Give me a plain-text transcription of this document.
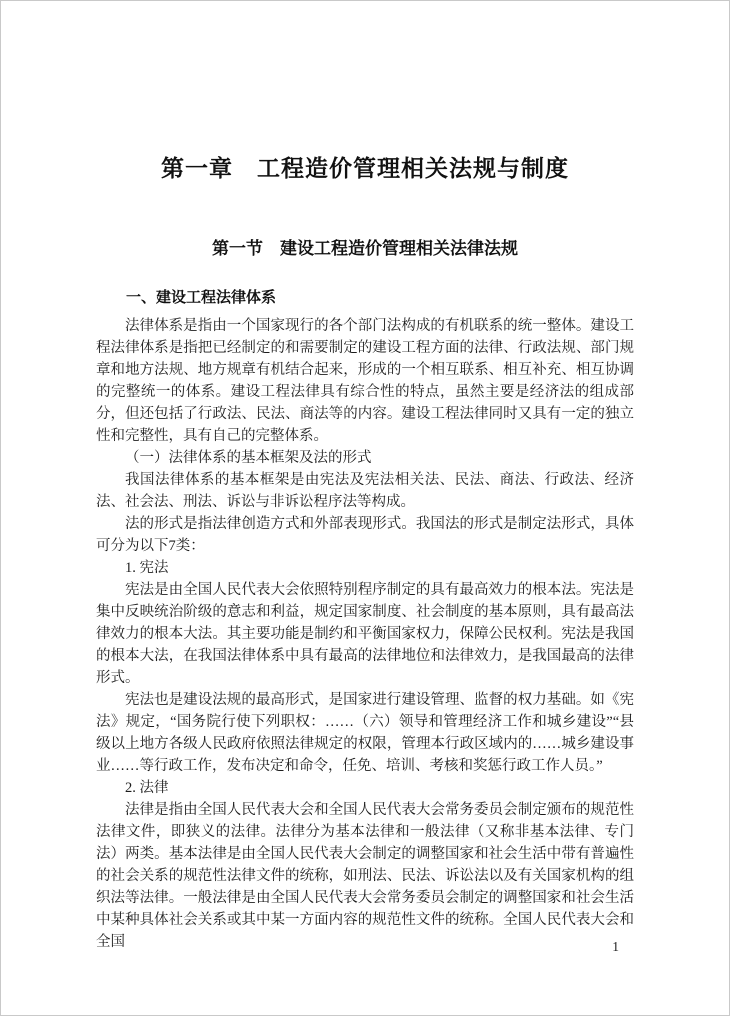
第一章　工程造价管理相关法规与制度
第一节　建设工程造价管理相关法律法规
一、建设工程法律体系

法律体系是指由一个国家现行的各个部门法构成的有机联系的统一整体。建设工程法律体系是指把已经制定的和需要制定的建设工程方面的法律、行政法规、部门规章和地方法规、地方规章有机结合起来，形成的一个相互联系、相互补充、相互协调的完整统一的体系。建设工程法律具有综合性的特点，虽然主要是经济法的组成部分，但还包括了行政法、民法、商法等的内容。建设工程法律同时又具有一定的独立性和完整性，具有自己的完整体系。

（一）法律体系的基本框架及法的形式

我国法律体系的基本框架是由宪法及宪法相关法、民法、商法、行政法、经济法、社会法、刑法、诉讼与非诉讼程序法等构成。

法的形式是指法律创造方式和外部表现形式。我国法的形式是制定法形式，具体可分为以下7类：

1. 宪法

宪法是由全国人民代表大会依照特别程序制定的具有最高效力的根本法。宪法是集中反映统治阶级的意志和利益，规定国家制度、社会制度的基本原则，具有最高法律效力的根本大法。其主要功能是制约和平衡国家权力，保障公民权利。宪法是我国的根本大法，在我国法律体系中具有最高的法律地位和法律效力，是我国最高的法律形式。

宪法也是建设法规的最高形式，是国家进行建设管理、监督的权力基础。如《宪法》规定，“国务院行使下列职权：……（六）领导和管理经济工作和城乡建设”“县级以上地方各级人民政府依照法律规定的权限，管理本行政区域内的……城乡建设事业……等行政工作，发布决定和命令，任免、培训、考核和奖惩行政工作人员。”

2. 法律

法律是指由全国人民代表大会和全国人民代表大会常务委员会制定颁布的规范性法律文件，即狭义的法律。法律分为基本法律和一般法律（又称非基本法律、专门法）两类。基本法律是由全国人民代表大会制定的调整国家和社会生活中带有普遍性的社会关系的规范性法律文件的统称，如刑法、民法、诉讼法以及有关国家机构的组织法等法律。一般法律是由全国人民代表大会常务委员会制定的调整国家和社会生活中某种具体社会关系或其中某一方面内容的规范性文件的统称。全国人民代表大会和全国	1
